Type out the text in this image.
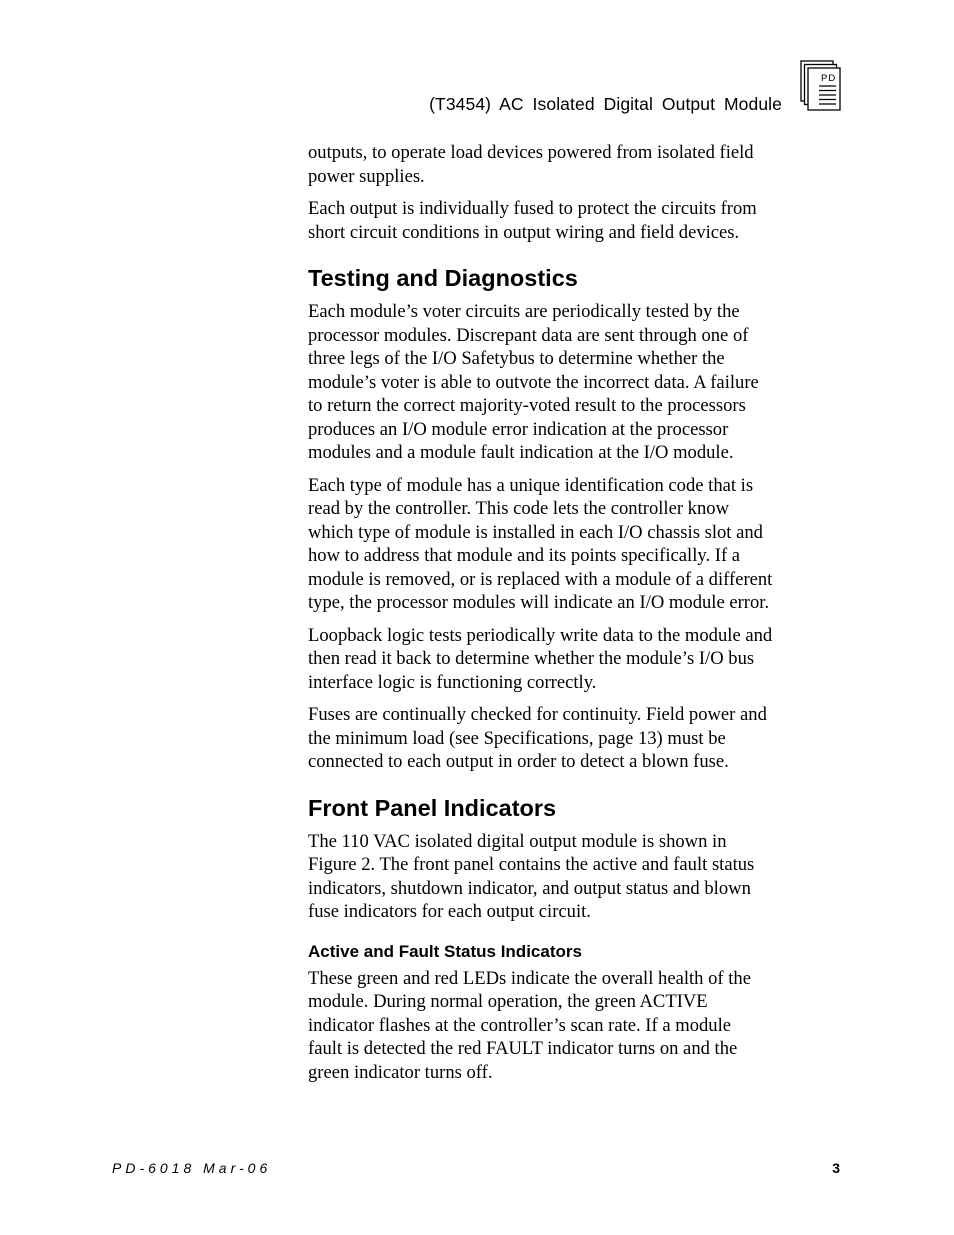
(T3454) AC Isolated Digital Output Module
PD

outputs, to operate load devices powered from isolated field
power supplies.

Each output is individually fused to protect the circuits from
short circuit conditions in output wiring and field devices.

Testing and Diagnostics

Each module’s voter circuits are periodically tested by the
processor modules. Discrepant data are sent through one of
three legs of the I/O Safetybus to determine whether the
module’s voter is able to outvote the incorrect data. A failure
to return the correct majority-voted result to the processors
produces an I/O module error indication at the processor
modules and a module fault indication at the I/O module.

Each type of module has a unique identification code that is
read by the controller. This code lets the controller know
which type of module is installed in each I/O chassis slot and
how to address that module and its points specifically. If a
module is removed, or is replaced with a module of a different
type, the processor modules will indicate an I/O module error.

Loopback logic tests periodically write data to the module and
then read it back to determine whether the module’s I/O bus
interface logic is functioning correctly.

Fuses are continually checked for continuity. Field power and
the minimum load (see Specifications, page 13) must be
connected to each output in order to detect a blown fuse.

Front Panel Indicators

The 110 VAC isolated digital output module is shown in
Figure 2. The front panel contains the active and fault status
indicators, shutdown indicator, and output status and blown
fuse indicators for each output circuit.

Active and Fault Status Indicators

These green and red LEDs indicate the overall health of the
module. During normal operation, the green ACTIVE
indicator flashes at the controller’s scan rate. If a module
fault is detected the red FAULT indicator turns on and the
green indicator turns off.

PD-6018 Mar-06	3
